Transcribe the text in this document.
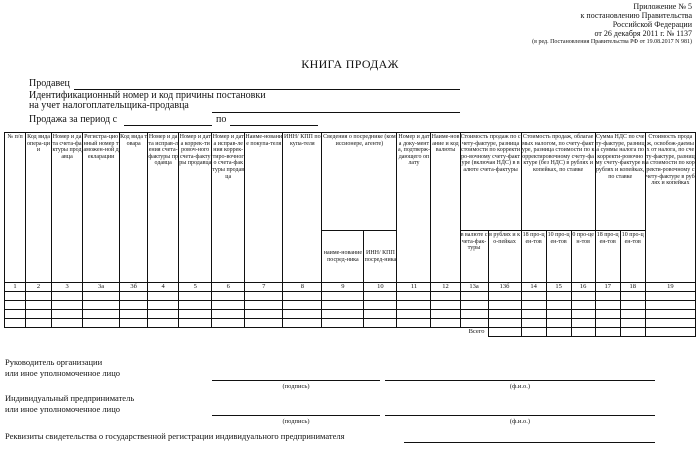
Приложение № 5
к постановлению Правительства
Российской Федерации
от 26 декабря 2011 г. № 1137
(в ред. Постановления Правительства РФ от 19.08.2017 N 981)
КНИГА ПРОДАЖ
Продавец
Идентификационный номер и код причины постановки
на учет налогоплательщика-продавца
Продажа за период с	по
№ п/п	Код вида опера-ции	Номер и дата счета-фактуры продавца	Регистра-ционный номер таможен-ной декларации	Код вида товара	Номер и дата исправ-ления счета-фактуры продавца	Номер и дата коррек-тировоч-ного счета-фактуры продавца	Номер и дата исправ-ления коррек-тиро-вочного счета-фактуры продавца	Наиме-нование покупа-теля	ИНН/ КПП покупа-теля	Сведения о посреднике (комиссионере, агенте)		Номер и дата доку-мента, подтверж-дающего оплату	Наиме-нование и код валюты	Стоимость продаж по счету-фактуре, разница стоимости по корректиро-вочному счету-фактуре (включая НДС) в валюте счета-фактуры		Стоимость продаж, облагаемых налогом, по счету-фактуре, разница стоимости по корректировочному счету-фактуре (без НДС) в рублях и копейках, по ставке			Сумма НДС по счету-фактуре, разница суммы налога по корректи-ровочному счету-фактуре в рублях и копейках, по ставке		Стоимость продаж, освобож-даемых от налога, по счету-фактуре, разница стоимости по корректи-ровочному счету-фактуре в рублях и копейках
										наиме-нование посред-ника	ИНН/ КПП посред-ника			в валюте счета-фак-туры	в рублях и ко-пейках	18 про-цен-тов	10 про-цен-тов	0 про-цен-тов	18 про-цен-тов	10 про-цен-тов	
1	2	3	3а	3б	4	5	6	7	8	9	10	11	12	13а	13б	14	15	16	17	18	19

Всего																					
Руководитель организации
или иное уполномоченное лицо
(подпись)	(ф.и.о.)
Индивидуальный предприниматель
или иное уполномоченное лицо
(подпись)	(ф.и.о.)
Реквизиты свидетельства о государственной регистрации индивидуального предпринимателя
